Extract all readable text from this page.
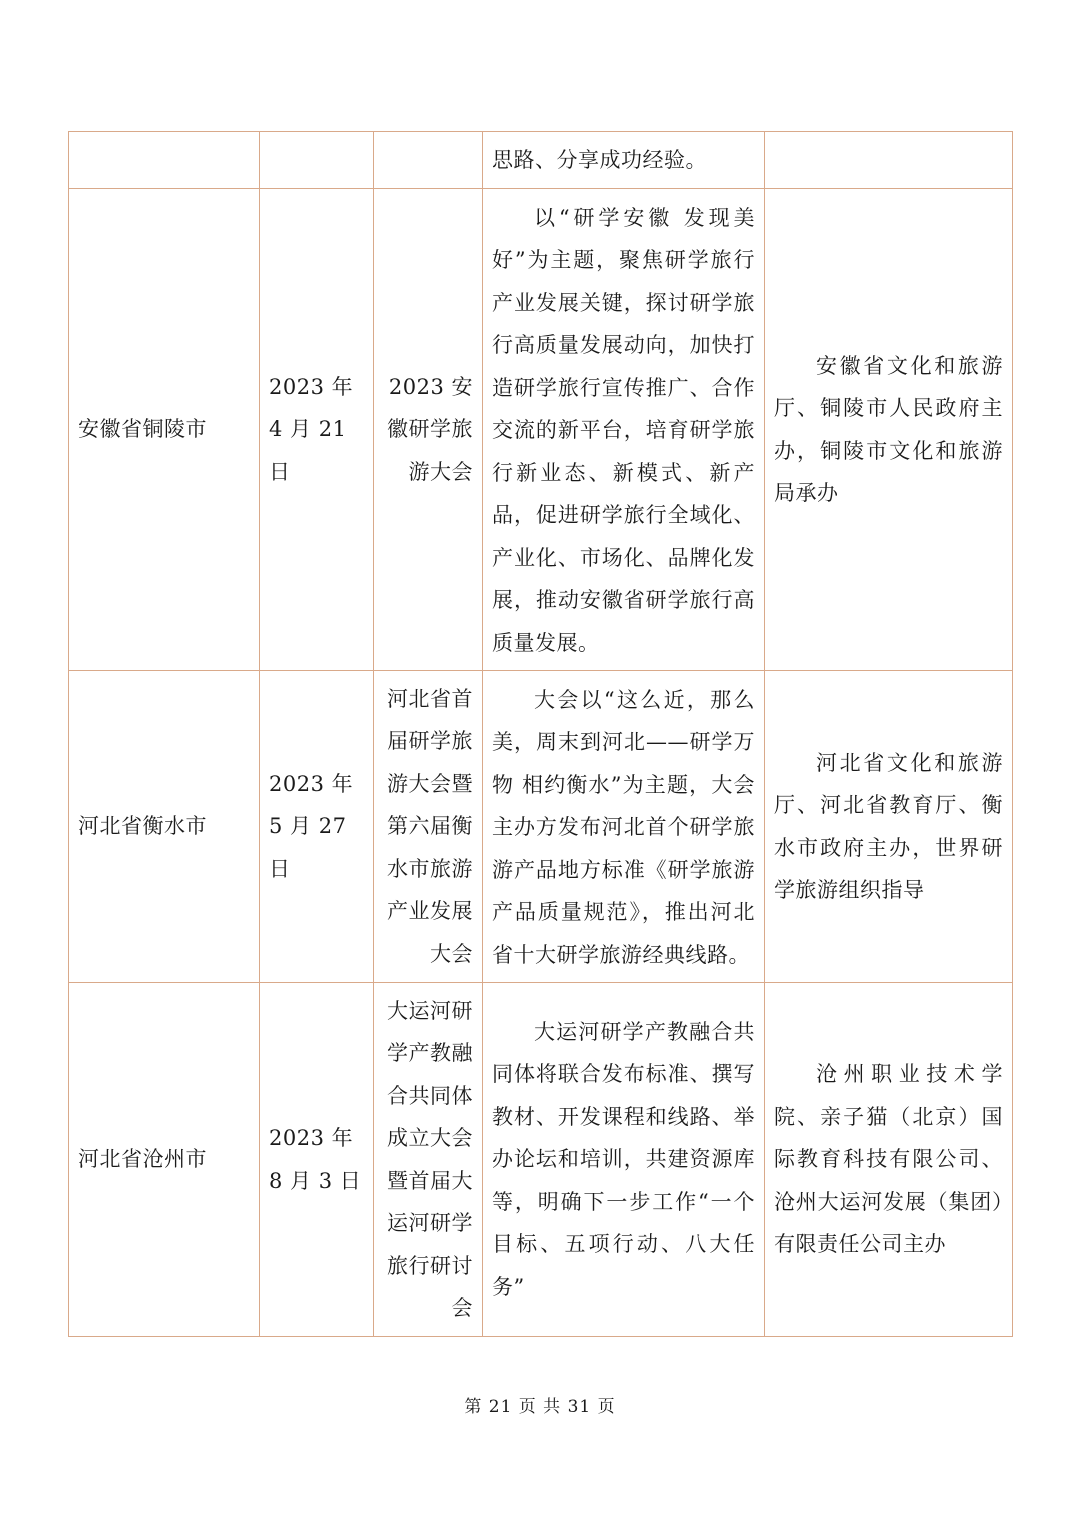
			思路、分享成功经验。	

安徽省铜陵市	2023 年 4 月 21 日	2023 安徽研学旅游大会	以“研学安徽 发现美好”为主题，聚焦研学旅行产业发展关键，探讨研学旅行高质量发展动向，加快打造研学旅行宣传推广、合作交流的新平台，培育研学旅行新业态、新模式、新产品，促进研学旅行全域化、产业化、市场化、品牌化发展，推动安徽省研学旅行高质量发展。	安徽省文化和旅游厅、铜陵市人民政府主办，铜陵市文化和旅游局承办

河北省衡水市	2023 年 5 月 27 日	河北省首届研学旅游大会暨第六届衡水市旅游产业发展大会	大会以“这么近，那么美，周末到河北——研学万物 相约衡水”为主题，大会主办方发布河北首个研学旅游产品地方标准《研学旅游产品质量规范》，推出河北省十大研学旅游经典线路。	河北省文化和旅游厅、河北省教育厅、衡水市政府主办，世界研学旅游组织指导

河北省沧州市	2023 年 8 月 3 日	大运河研学产教融合共同体成立大会暨首届大运河研学旅行研讨会	大运河研学产教融合共同体将联合发布标准、撰写教材、开发课程和线路、举办论坛和培训，共建资源库等，明确下一步工作“一个目标、五项行动、八大任务”	沧州职业技术学院、亲子猫（北京）国际教育科技有限公司、沧州大运河发展（集团）有限责任公司主办
第 21 页 共 31 页
